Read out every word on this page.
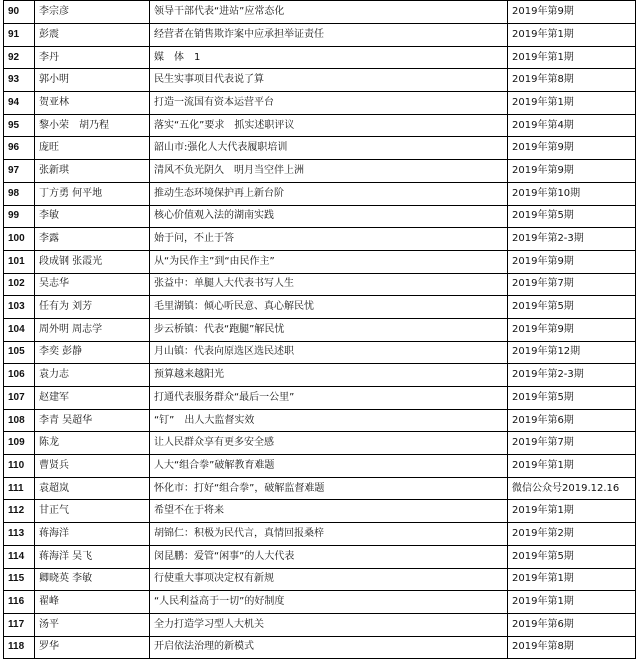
90	李宗彦	领导干部代表“进站”应常态化	2019年第9期
91	彭震	经营者在销售欺诈案中应承担举证责任	2019年第1期
92	李丹	媒　体　1	2019年第1期
93	郭小明	民生实事项目代表说了算	2019年第8期
94	贺亚林	打造一流国有资本运营平台	2019年第1期
95	黎小荣　胡乃程	落实“五化”要求　抓实述职评议	2019年第4期
96	庞旺	韶山市:强化人大代表履职培训	2019年第9期
97	张新琪	清风不负光阴久　明月当空伴上洲	2019年第9期
98	丁方勇 何平地	推动生态环境保护再上新台阶	2019年第10期
99	李敏	核心价值观入法的湖南实践	2019年第5期
100	李露	始于问，不止于答	2019年第2-3期
101	段成钢 张霞光	从“为民作主”到“由民作主”	2019年第9期
102	吴志华	张益中：单腿人大代表书写人生	2019年第7期
103	任有为 刘芳	毛里湖镇：倾心听民意、真心解民忧	2019年第5期
104	周外明 周志学	步云桥镇：代表“跑腿”解民忧	2019年第9期
105	李奕 彭静	月山镇：代表向原选区选民述职	2019年第12期
106	袁力志	预算越来越阳光	2019年第2-3期
107	赵建军	打通代表服务群众“最后一公里”	2019年第5期
108	李青 吴超华	“钉”　出人大监督实效	2019年第6期
109	陈龙	让人民群众享有更多安全感	2019年第7期
110	曹贤兵	人大“组合拳”破解教育难题	2019年第1期
111	袁超岚	怀化市：打好“组合拳”，破解监督难题	微信公众号2019.12.16
112	甘正气	希望不在于将来	2019年第1期
113	蒋海洋	胡锦仁：积极为民代言，真情回报桑梓	2019年第2期
114	蒋海洋 吴飞	闵昆鹏：爱管“闲事”的人大代表	2019年第5期
115	卿晓英 李敏	行使重大事项决定权有新规	2019年第1期
116	翟峰	“人民利益高于一切”的好制度	2019年第1期
117	汤平	全力打造学习型人大机关	2019年第6期
118	罗华	开启依法治理的新模式	2019年第8期
